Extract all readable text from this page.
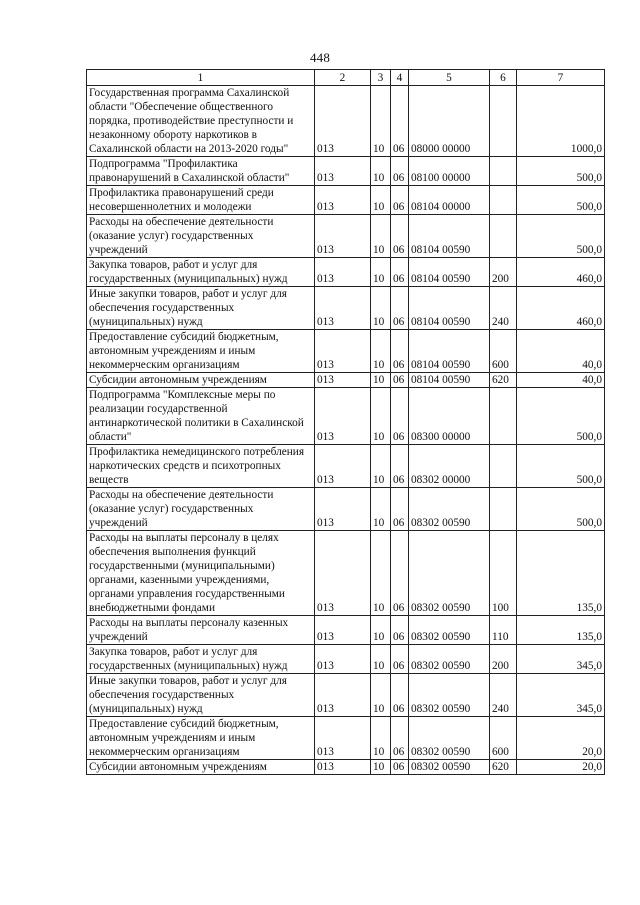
448
1	2	3	4	5	6	7
Государственная программа Сахалинской области "Обеспечение общественного порядка, противодействие преступности и незаконному обороту наркотиков в Сахалинской области на 2013-2020 годы"	013	10	06	08000 00000		1000,0
Подпрограмма "Профилактика правонарушений в Сахалинской области"	013	10	06	08100 00000		500,0
Профилактика правонарушений среди несовершеннолетних и молодежи	013	10	06	08104 00000		500,0
Расходы на обеспечение деятельности (оказание услуг) государственных учреждений	013	10	06	08104 00590		500,0
Закупка товаров, работ и услуг для государственных (муниципальных) нужд	013	10	06	08104 00590	200	460,0
Иные закупки товаров, работ и услуг для обеспечения государственных (муниципальных) нужд	013	10	06	08104 00590	240	460,0
Предоставление субсидий бюджетным, автономным учреждениям и иным некоммерческим организациям	013	10	06	08104 00590	600	40,0
Субсидии автономным учреждениям	013	10	06	08104 00590	620	40,0
Подпрограмма "Комплексные меры по реализации государственной антинаркотической политики в Сахалинской области"	013	10	06	08300 00000		500,0
Профилактика немедицинского потребления наркотических средств и психотропных веществ	013	10	06	08302 00000		500,0
Расходы на обеспечение деятельности (оказание услуг) государственных учреждений	013	10	06	08302 00590		500,0
Расходы на выплаты персоналу в целях обеспечения выполнения функций государственными (муниципальными) органами, казенными учреждениями, органами управления государственными внебюджетными фондами	013	10	06	08302 00590	100	135,0
Расходы на выплаты персоналу казенных учреждений	013	10	06	08302 00590	110	135,0
Закупка товаров, работ и услуг для государственных (муниципальных) нужд	013	10	06	08302 00590	200	345,0
Иные закупки товаров, работ и услуг для обеспечения государственных (муниципальных) нужд	013	10	06	08302 00590	240	345,0
Предоставление субсидий бюджетным, автономным учреждениям и иным некоммерческим организациям	013	10	06	08302 00590	600	20,0
Субсидии автономным учреждениям	013	10	06	08302 00590	620	20,0
